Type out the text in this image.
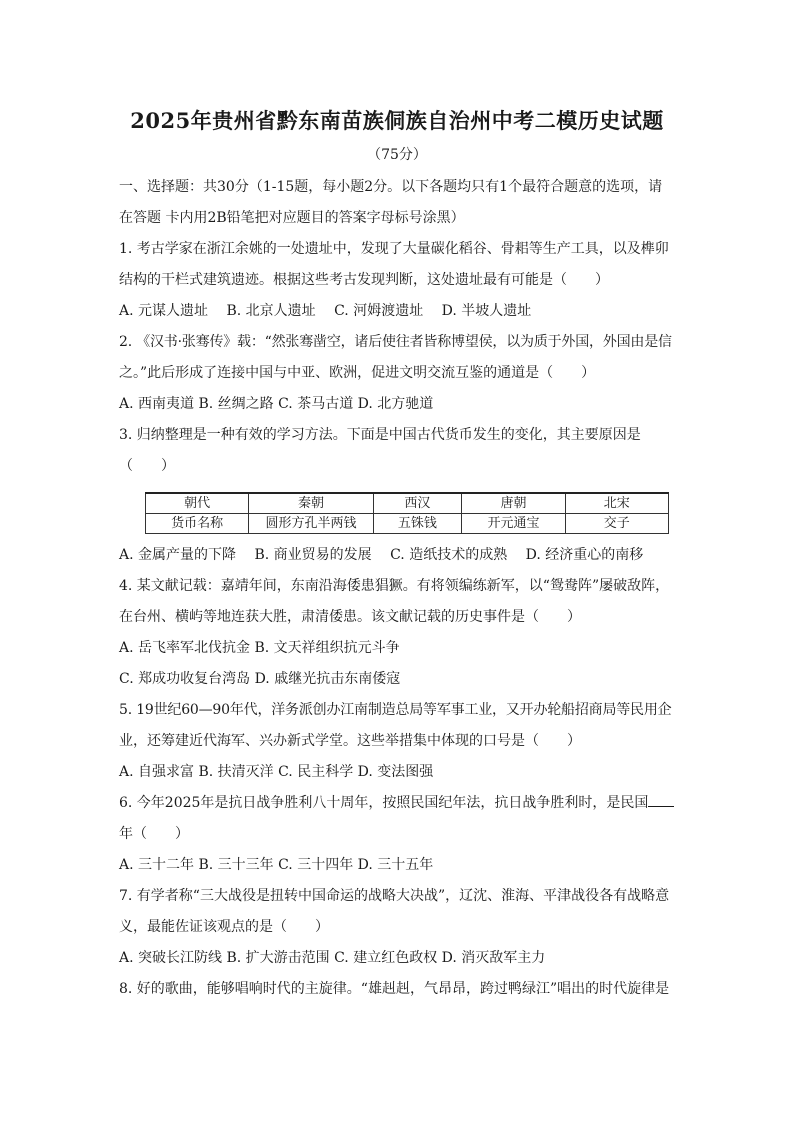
2025年贵州省黔东南苗族侗族自治州中考二模历史试题
（75分）
一、选择题：共30分（1-15题，每小题2分。以下各题均只有1个最符合题意的选项，请
在答题 卡内用2B铅笔把对应题目的答案字母标号涂黑）
1. 考古学家在浙江余姚的一处遗址中，发现了大量碳化稻谷、骨耜等生产工具，以及榫卯
结构的干栏式建筑遗迹。根据这些考古发现判断，这处遗址最有可能是（　　）
A. 元谋人遗址　 B. 北京人遗址　 C. 河姆渡遗址　 D. 半坡人遗址
2. 《汉书·张骞传》载：“然张骞凿空，诸后使往者皆称博望侯，以为质于外国，外国由是信
之。”此后形成了连接中国与中亚、欧洲，促进文明交流互鉴的通道是（　　）
A. 西南夷道 B. 丝绸之路 C. 茶马古道 D. 北方驰道
3. 归纳整理是一种有效的学习方法。下面是中国古代货币发生的变化，其主要原因是
（　　）
朝代	秦朝	西汉	唐朝	北宋
货币名称	圆形方孔半两钱	五铢钱	开元通宝	交子
A. 金属产量的下降　 B. 商业贸易的发展　 C. 造纸技术的成熟　 D. 经济重心的南移
4. 某文献记载：嘉靖年间，东南沿海倭患猖獗。有将领编练新军，以“鸳鸯阵”屡破敌阵，
在台州、横屿等地连获大胜，肃清倭患。该文献记载的历史事件是（　　）
A. 岳飞率军北伐抗金 B. 文天祥组织抗元斗争
C. 郑成功收复台湾岛 D. 戚继光抗击东南倭寇
5. 19世纪60—90年代，洋务派创办江南制造总局等军事工业，又开办轮船招商局等民用企
业，还筹建近代海军、兴办新式学堂。这些举措集中体现的口号是（　　）
A. 自强求富 B. 扶清灭洋 C. 民主科学 D. 变法图强
6. 今年2025年是抗日战争胜利八十周年，按照民国纪年法，抗日战争胜利时，是民国
年（　　）
A. 三十二年 B. 三十三年 C. 三十四年 D. 三十五年
7. 有学者称“三大战役是扭转中国命运的战略大决战”，辽沈、淮海、平津战役各有战略意
义，最能佐证该观点的是（　　）
A. 突破长江防线 B. 扩大游击范围 C. 建立红色政权 D. 消灭敌军主力
8. 好的歌曲，能够唱响时代的主旋律。“雄赳赳，气昂昂，跨过鸭绿江”唱出的时代旋律是
